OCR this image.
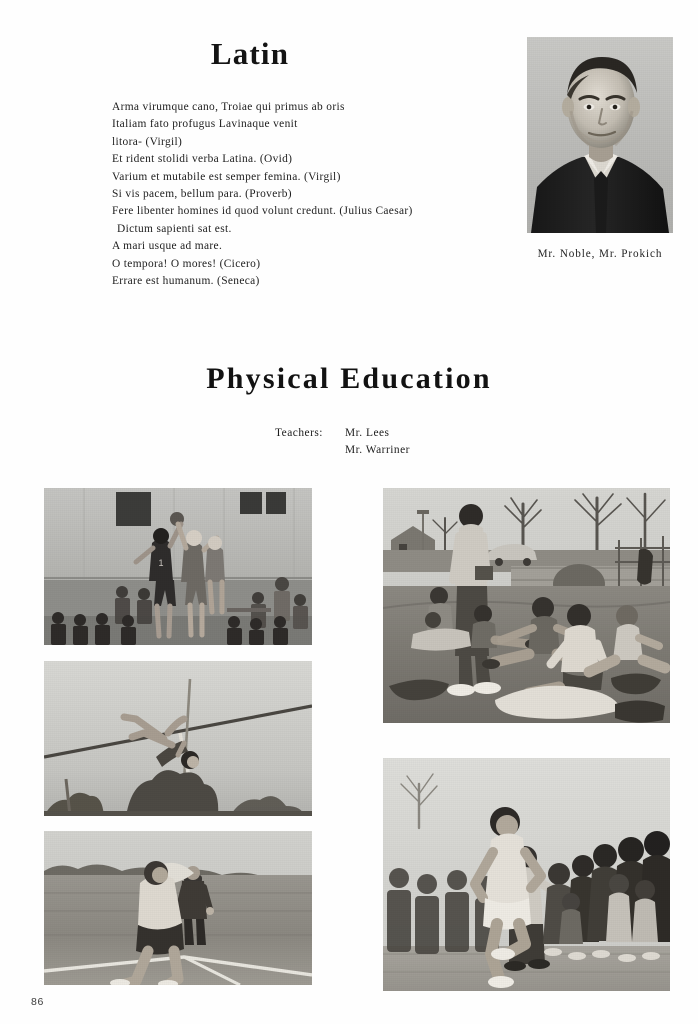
Latin
Arma virumque cano, Troiae qui primus ab oris
Italiam fato profugus Lavinaque venit
litora- (Virgil)
Et rident stolidi verba Latina. (Ovid)
Varium et mutabile est semper femina. (Virgil)
Si vis pacem, bellum para. (Proverb)
Fere libenter homines id quod volunt credunt. (Julius Caesar)
Dictum sapienti sat est.
A mari usque ad mare.
O tempora! O mores! (Cicero)
Errare est humanum. (Seneca)
Mr. Noble, Mr. Prokich
Physical Education
Teachers:	Mr. Lees
Mr. Warriner
1
86
